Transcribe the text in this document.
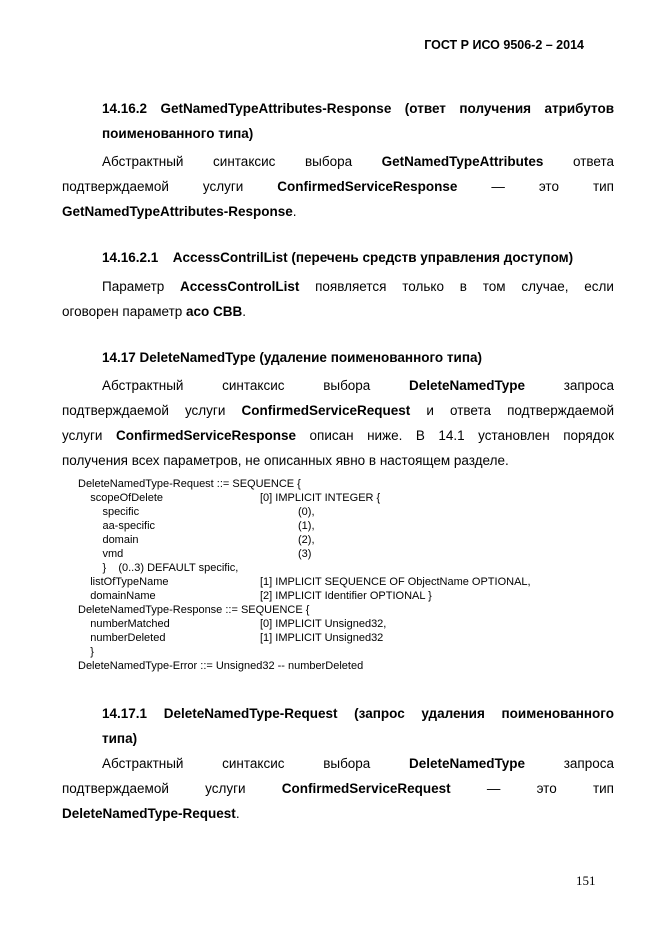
ГОСТ Р ИСО 9506-2 – 2014
14.16.2 GetNamedTypeAttributes-Response (ответ получения атрибутов
поименованного типа)
Абстрактный синтаксис выбора GetNamedTypeAttributes ответа
подтверждаемой	услуги	ConfirmedServiceResponse	—	это	тип
GetNamedTypeAttributes-Response.
14.16.2.1    AccessContrilList (перечень средств управления доступом)
Параметр AccessControlList появляется только в том случае, если
оговорен параметр aco CBB.
14.17 DeleteNamedType (удаление поименованного типа)
Абстрактный	синтаксис	выбора	DeleteNamedType	запроса
подтверждаемой услуги ConfirmedServiceRequest и ответа подтверждаемой
услуги ConfirmedServiceResponse описан ниже. В 14.1 установлен порядок
получения всех параметров, не описанных явно в настоящем разделе.
DeleteNamedType-Request ::= SEQUENCE {
scopeOfDelete	[0] IMPLICIT INTEGER {
specific	(0),
aa-specific	(1),
domain	(2),
vmd	(3)
}    (0..3) DEFAULT specific,
listOfTypeName	[1] IMPLICIT SEQUENCE OF ObjectName OPTIONAL,
domainName	[2] IMPLICIT Identifier OPTIONAL }
DeleteNamedType-Response ::= SEQUENCE {
numberMatched	[0] IMPLICIT Unsigned32,
numberDeleted	[1] IMPLICIT Unsigned32
}
DeleteNamedType-Error ::= Unsigned32 -- numberDeleted
14.17.1 DeleteNamedType-Request (запрос удаления поименованного
типа)
Абстрактный	синтаксис	выбора	DeleteNamedType	запроса
подтверждаемой	услуги	ConfirmedServiceRequest	—	это	тип
DeleteNamedType-Request.
151
